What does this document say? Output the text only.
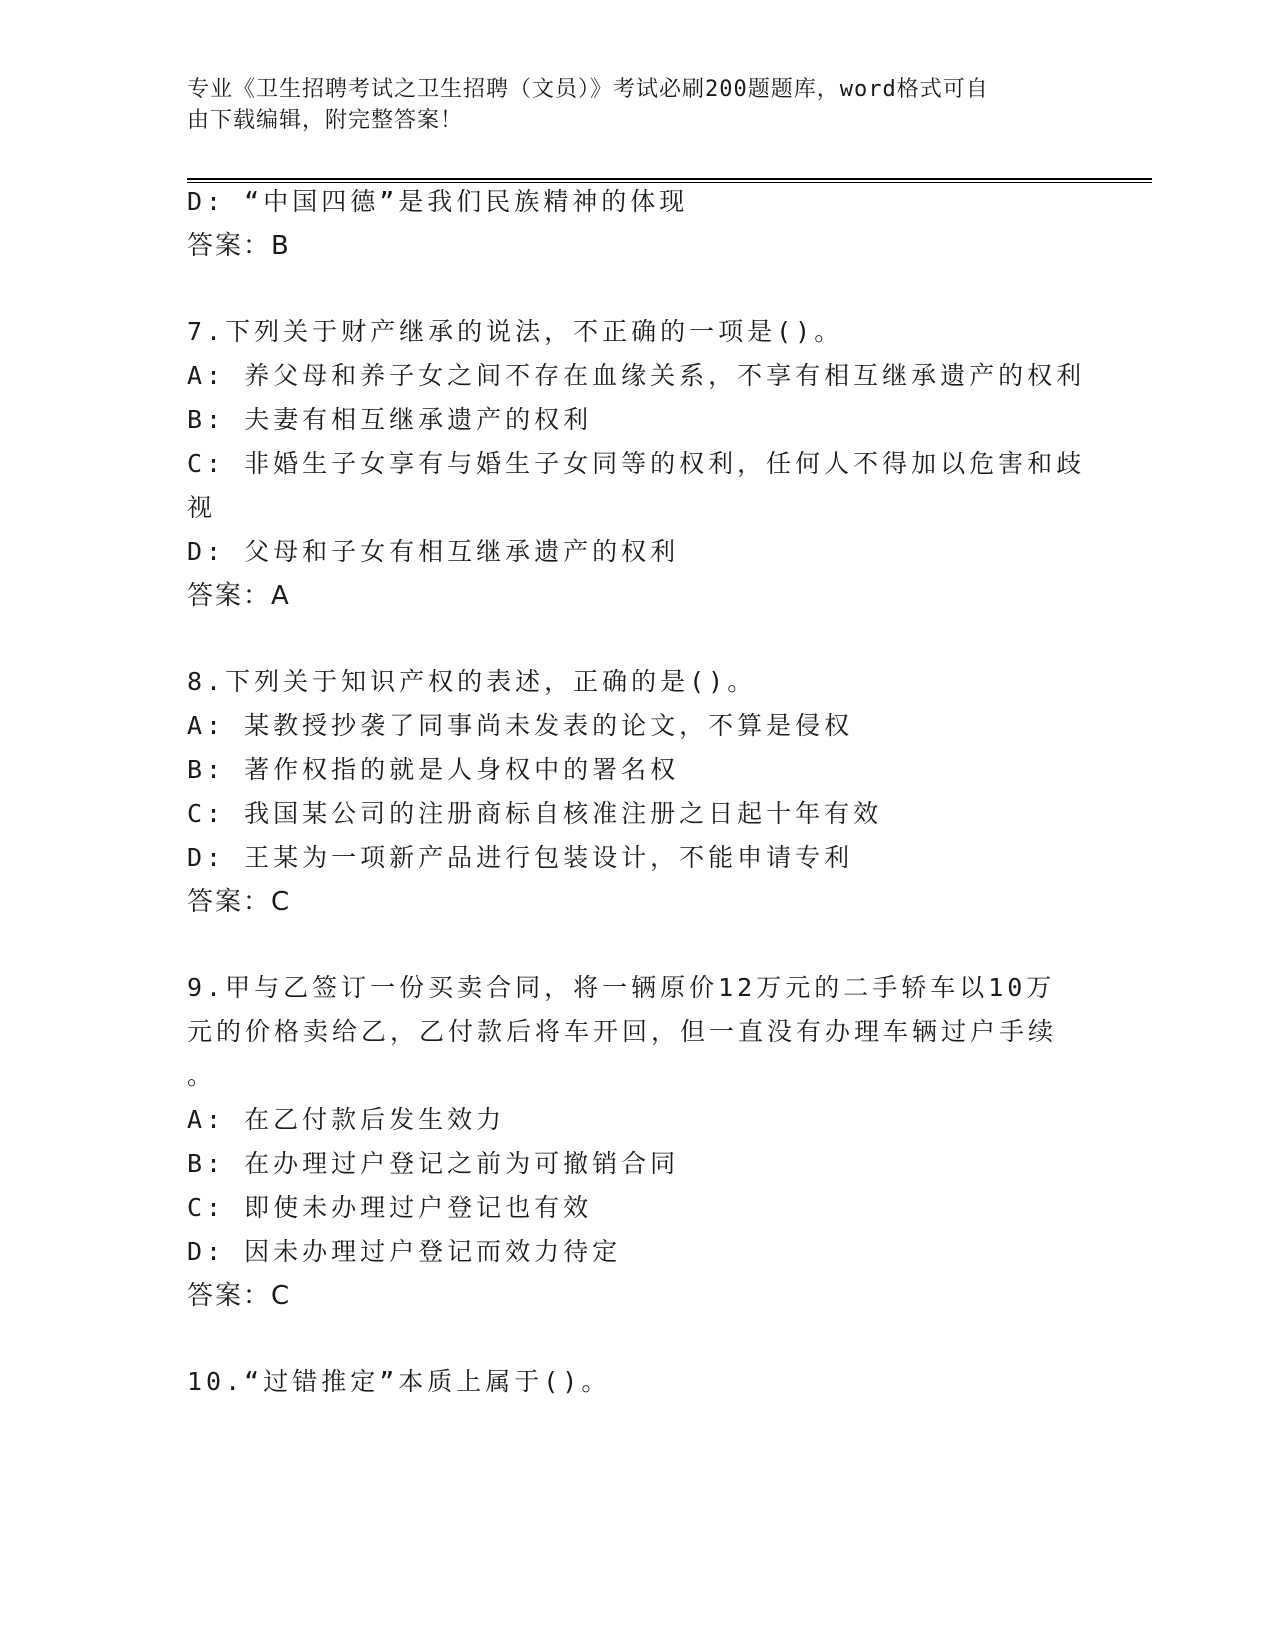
专业《卫生招聘考试之卫生招聘（文员）》考试必刷200题题库，word格式可自
由下载编辑，附完整答案！
D: “中国四德”是我们民族精神的体现
答案：B
7.下列关于财产继承的说法，不正确的一项是()。
A: 养父母和养子女之间不存在血缘关系，不享有相互继承遗产的权利
B: 夫妻有相互继承遗产的权利
C: 非婚生子女享有与婚生子女同等的权利，任何人不得加以危害和歧
视
D: 父母和子女有相互继承遗产的权利
答案：A
8.下列关于知识产权的表述，正确的是()。
A: 某教授抄袭了同事尚未发表的论文，不算是侵权
B: 著作权指的就是人身权中的署名权
C: 我国某公司的注册商标自核准注册之日起十年有效
D: 王某为一项新产品进行包装设计，不能申请专利
答案：C
9.甲与乙签订一份买卖合同，将一辆原价12万元的二手轿车以10万
元的价格卖给乙，乙付款后将车开回，但一直没有办理车辆过户手续
。
A: 在乙付款后发生效力
B: 在办理过户登记之前为可撤销合同
C: 即使未办理过户登记也有效
D: 因未办理过户登记而效力待定
答案：C
10.“过错推定”本质上属于()。
